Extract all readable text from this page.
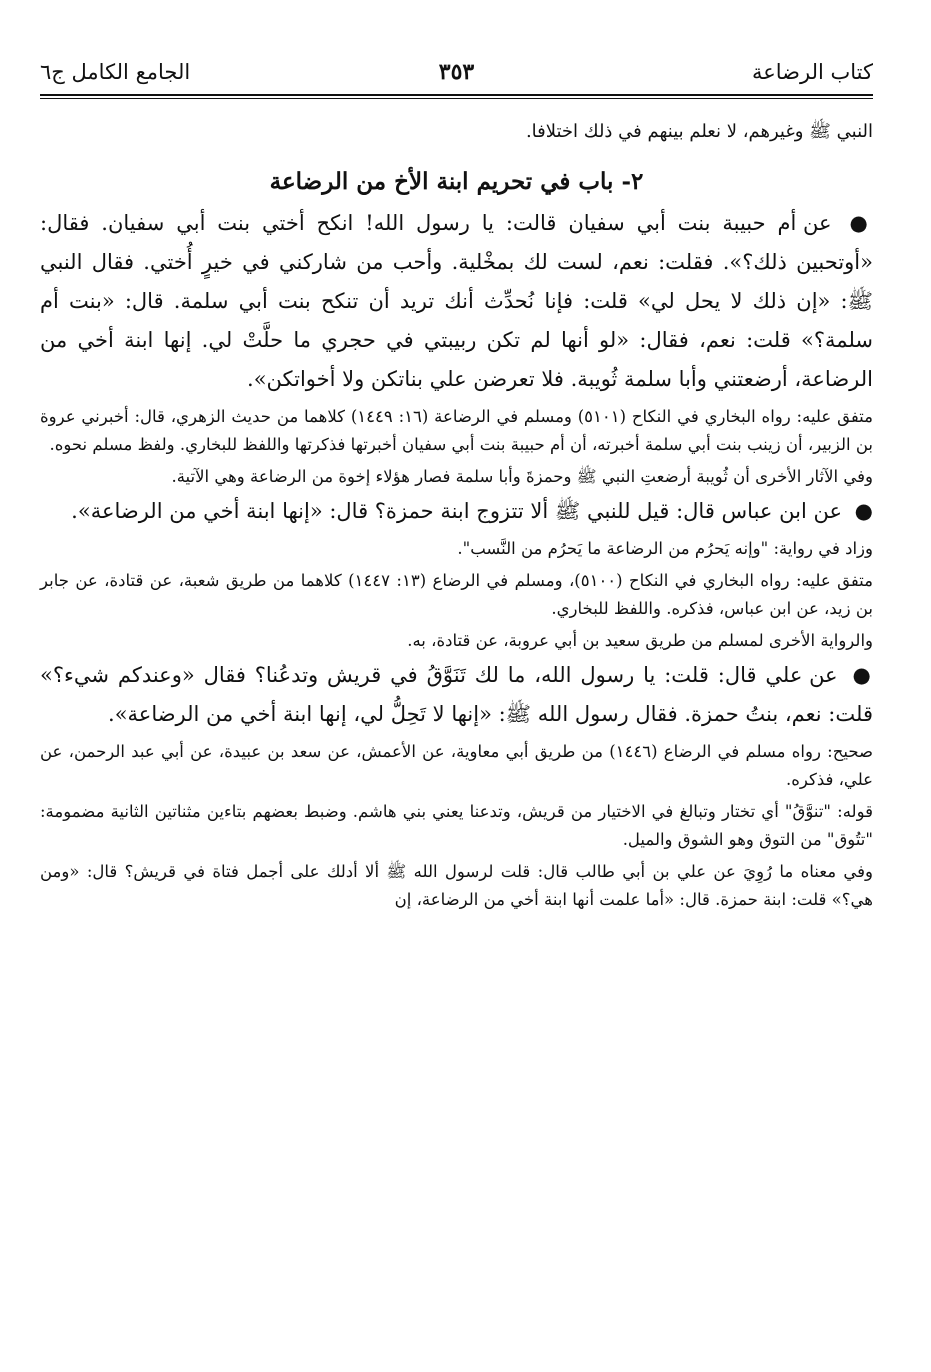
كتاب الرضاعة
٣٥٣
الجامع الكامل ج٦

النبي ﷺ وغيرهم، لا نعلم بينهم في ذلك اختلافا.

٢- باب في تحريم ابنة الأخ من الرضاعة

● عن أم حبيبة بنت أبي سفيان قالت: يا رسول الله! انكح أختي بنت أبي سفيان. فقال: «أوتحبين ذلك؟». فقلت: نعم، لست لك بمخْلية. وأحب من شاركني في خيرٍ أُختي. فقال النبي ﷺ: «إن ذلك لا يحل لي» قلت: فإنا نُحدِّث أنك تريد أن تنكح بنت أبي سلمة. قال: «بنت أم سلمة؟» قلت: نعم، فقال: «لو أنها لم تكن ربيبتي في حجري ما حلَّتْ لي. إنها ابنة أخي من الرضاعة، أرضعتني وأبا سلمة ثُويبة. فلا تعرضن علي بناتكن ولا أخواتكن».

متفق عليه: رواه البخاري في النكاح (٥١٠١) ومسلم في الرضاعة (١٦: ١٤٤٩) كلاهما من حديث الزهري، قال: أخبرني عروة بن الزبير، أن زينب بنت أبي سلمة أخبرته، أن أم حبيبة بنت أبي سفيان أخبرتها فذكرتها واللفظ للبخاري. ولفظ مسلم نحوه.

وفي الآثار الأخرى أن ثُويبة أرضعتِ النبي ﷺ وحمزةَ وأبا سلمة فصار هؤلاء إخوة من الرضاعة وهي الآتية.

● عن ابن عباس قال: قيل للنبي ﷺ ألا تتزوج ابنة حمزة؟ قال: «إنها ابنة أخي من الرضاعة».

وزاد في رواية: "وإنه يَحرُم من الرضاعة ما يَحرُم من النَّسب".

متفق عليه: رواه البخاري في النكاح (٥١٠٠)، ومسلم في الرضاع (١٣: ١٤٤٧) كلاهما من طريق شعبة، عن قتادة، عن جابر بن زيد، عن ابن عباس، فذكره. واللفظ للبخاري.

والرواية الأخرى لمسلم من طريق سعيد بن أبي عروبة، عن قتادة، به.

● عن علي قال: قلت: يا رسول الله، ما لك تَنَوَّقُ في قريش وتدعُنا؟ فقال «وعندكم شيء؟» قلت: نعم، بنتُ حمزة. فقال رسول الله ﷺ: «إنها لا تَحِلُّ لي، إنها ابنة أخي من الرضاعة».

صحيح: رواه مسلم في الرضاع (١٤٤٦) من طريق أبي معاوية، عن الأعمش، عن سعد بن عبيدة، عن أبي عبد الرحمن، عن علي، فذكره.

قوله: "تنوَّقُ" أي تختار وتبالغ في الاختيار من قريش، وتدعنا يعني بني هاشم. وضبط بعضهم بتاءين مثناتين الثانية مضمومة: "تتُوق" من التوق وهو الشوق والميل.

وفي معناه ما رُوِيَ عن علي بن أبي طالب قال: قلت لرسول الله ﷺ ألا أدلك على أجمل فتاة في قريش؟ قال: «ومن هي؟» قلت: ابنة حمزة. قال: «أما علمت أنها ابنة أخي من الرضاعة، إن
